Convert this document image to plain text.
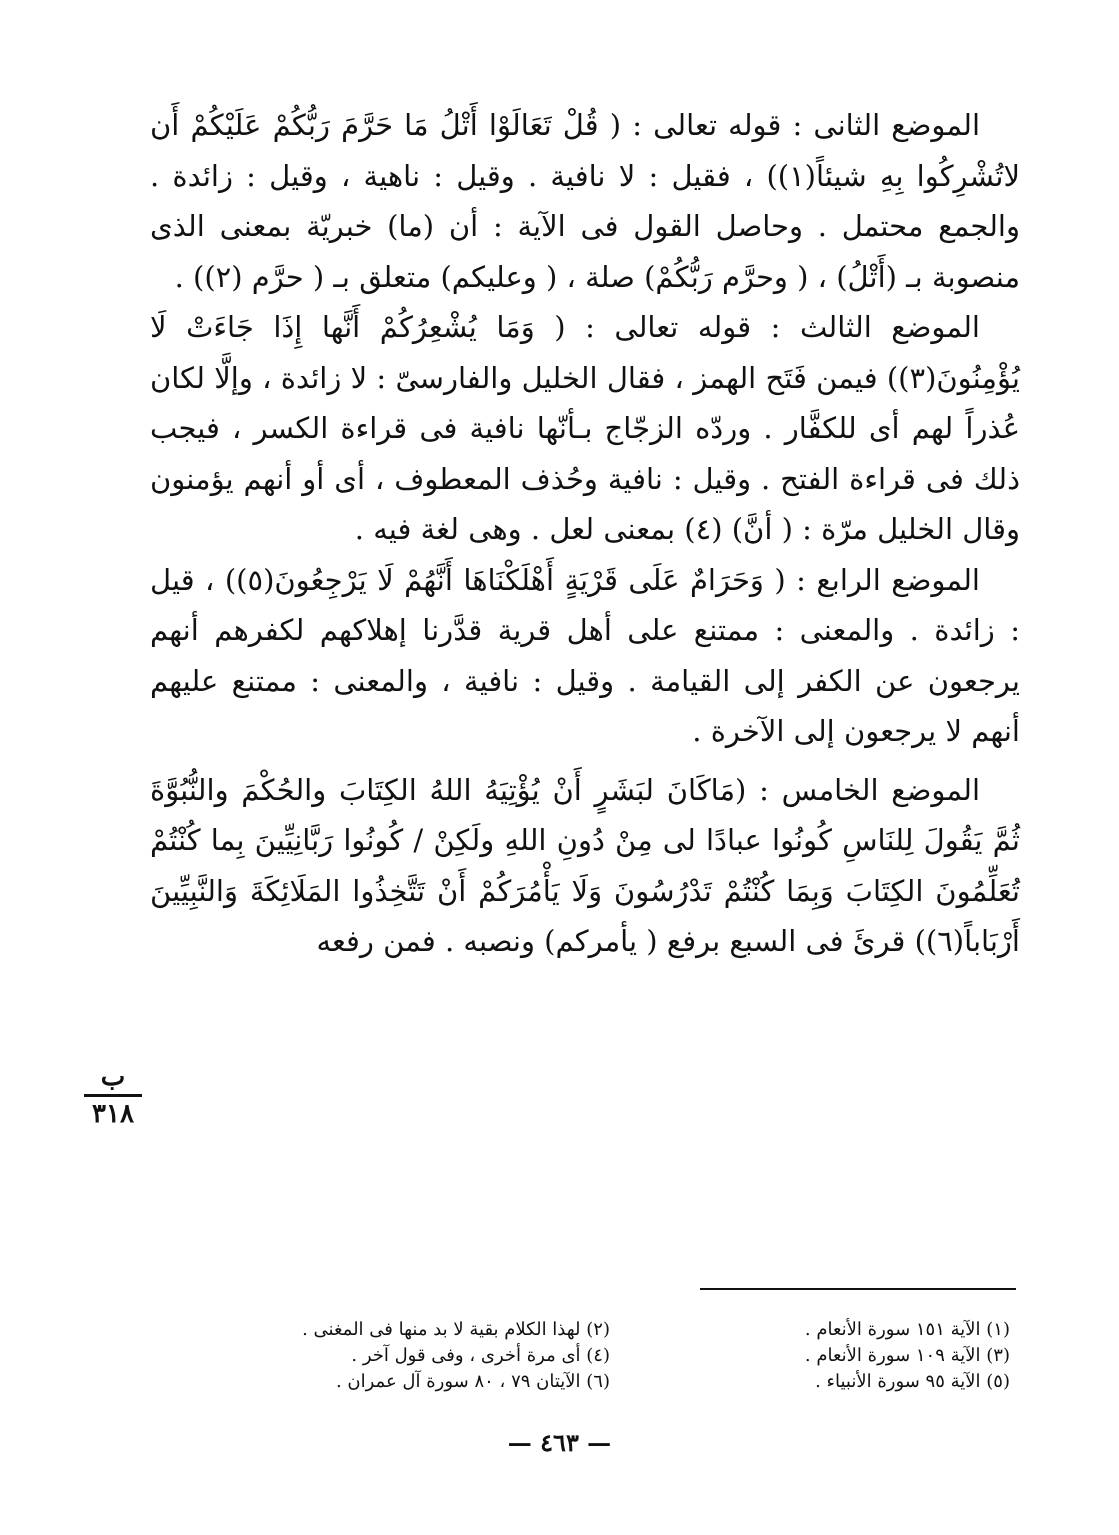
الموضع الثانى : قوله تعالى : ( قُلْ تَعَالَوْا أَتْلُ مَا حَرَّمَ رَبُّكُمْ عَلَيْكُمْ أَن لاتُشْرِكُوا بِهِ شيئاً(١)) ، فقيل : لا نافية . وقيل : ناهية ، وقيل : زائدة . والجمع محتمل . وحاصل القول فى الآية : أن (ما) خبريّة بمعنى الذى منصوبة بـ (أَتْلُ) ، ( وحرَّم رَبُّكُمْ) صلة ، ( وعليكم) متعلق بـ ( حرَّم (٢)) .

الموضع الثالث : قوله تعالى : ( وَمَا يُشْعِرُكُمْ أَنَّها إِذَا جَاءَتْ لَا يُؤْمِنُونَ(٣)) فيمن فَتَح الهمز ، فقال الخليل والفارسىّ : لا زائدة ، وإلَّا لكان عُذراً لهم أى للكفَّار . وردّه الزجّاج بـأنّها نافية فى قراءة الكسر ، فيجب ذلك فى قراءة الفتح . وقيل : نافية وحُذف المعطوف ، أى أو أنهم يؤمنون وقال الخليل مرّة : ( أنَّ) (٤) بمعنى لعل . وهى لغة فيه .

الموضع الرابع : ( وَحَرَامٌ عَلَى قَرْيَةٍ أَهْلَكْنَاهَا أَنَّهُمْ لَا يَرْجِعُونَ(٥)) ، قيل : زائدة . والمعنى : ممتنع على أهل قرية قدَّرنا إهلاكهم لكفرهم أنهم يرجعون عن الكفر إلى القيامة . وقيل : نافية ، والمعنى : ممتنع عليهم أنهم لا يرجعون إلى الآخرة .

الموضع الخامس : (مَاكَانَ لبَشَرٍ أَنْ يُؤْتِيَهُ اللهُ الكِتَابَ والحُكْمَ والنُّبُوَّةَ ثُمَّ يَقُولَ لِلنَاسِ كُونُوا عبادًا لى مِنْ دُونِ اللهِ ولَكِنْ / كُونُوا رَبَّانِيِّينَ بِما كُنْتُمْ تُعَلِّمُونَ الكِتَابَ وَبِمَا كُنْتُمْ تَدْرُسُونَ وَلَا يَأْمُرَكُمْ أَنْ تَتَّخِذُوا المَلَائِكَةَ وَالنَّبِيِّينَ أَرْبَاباً(٦)) قرئَ فى السبع برفع ( يأمركم) ونصبه . فمن رفعه

ب
٣١٨
(١) الآية ١٥١ سورة الأنعام .
(٢) لهذا الكلام بقية لا بد منها فى المغنى .
(٣) الآية ١٠٩ سورة الأنعام .
(٤) أى مرة أخرى ، وفى قول آخر .
(٥) الآية ٩٥ سورة الأنبياء .
(٦) الآيتان ٧٩ ، ٨٠ سورة آل عمران .
— ٤٦٣ —
